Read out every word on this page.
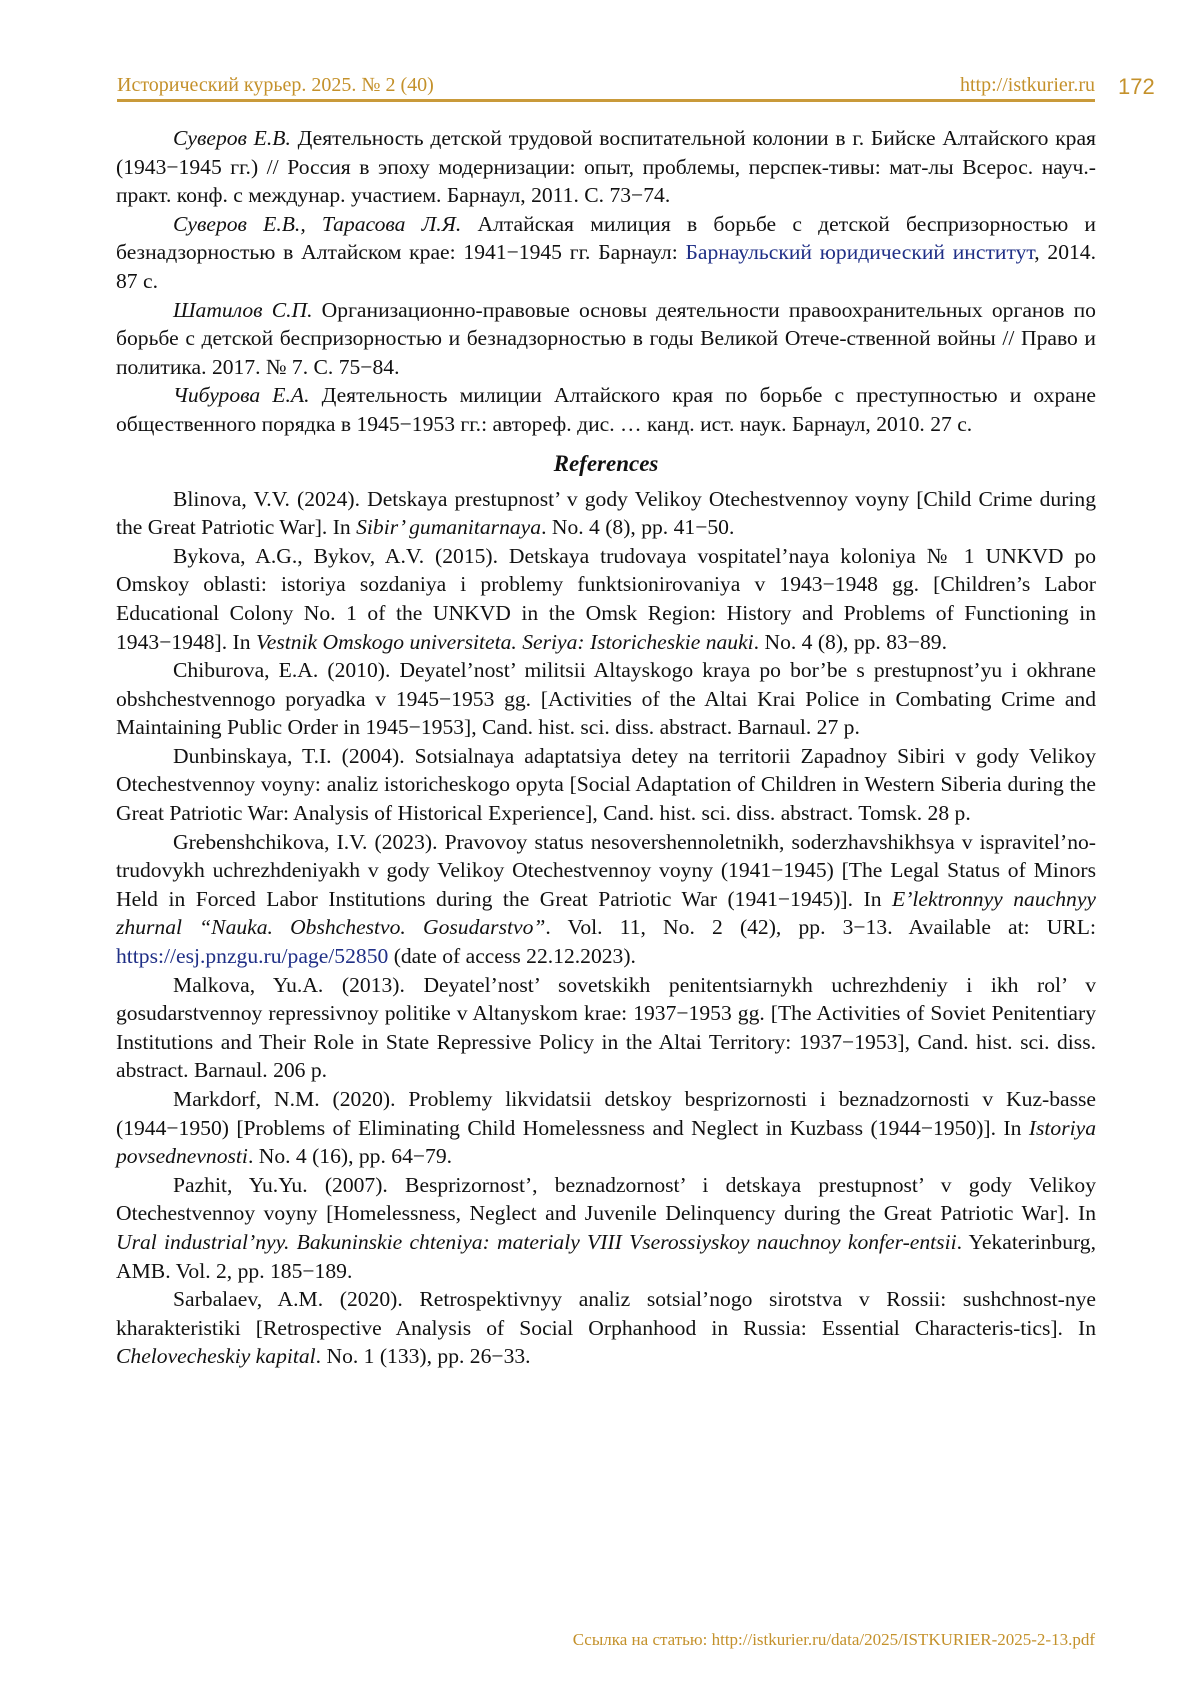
Исторический курьер. 2025. № 2 (40)	http://istkurier.ru 172

Суверов Е.В. Деятельность детской трудовой воспитательной колонии в г. Бийске Алтайского края (1943−1945 гг.) // Россия в эпоху модернизации: опыт, проблемы, перспек-тивы: мат-лы Всерос. науч.-практ. конф. с междунар. участием. Барнаул, 2011. С. 73−74.

Суверов Е.В., Тарасова Л.Я. Алтайская милиция в борьбе с детской беспризорностью и безнадзорностью в Алтайском крае: 1941−1945 гг. Барнаул: Барнаульский юридический институт, 2014. 87 с.

Шатилов С.П. Организационно-правовые основы деятельности правоохранительных органов по борьбе с детской беспризорностью и безнадзорностью в годы Великой Отече-ственной войны // Право и политика. 2017. № 7. С. 75−84.

Чибурова Е.А. Деятельность милиции Алтайского края по борьбе с преступностью и охране общественного порядка в 1945−1953 гг.: автореф. дис. … канд. ист. наук. Барнаул, 2010. 27 с.

References

Blinova, V.V. (2024). Detskaya prestupnost’ v gody Velikoy Otechestvennoy voyny [Child Crime during the Great Patriotic War]. In Sibir’ gumanitarnaya. No. 4 (8), pp. 41−50.

Bykova, A.G., Bykov, A.V. (2015). Detskaya trudovaya vospitatel’naya koloniya № 1 UNKVD po Omskoy oblasti: istoriya sozdaniya i problemy funktsionirovaniya v 1943−1948 gg. [Children’s Labor Educational Colony No. 1 of the UNKVD in the Omsk Region: History and Problems of Functioning in 1943−1948]. In Vestnik Omskogo universiteta. Seriya: Istoricheskie nauki. No. 4 (8), pp. 83−89.

Chiburova, E.A. (2010). Deyatel’nost’ militsii Altayskogo kraya po bor’be s prestupnost’yu i okhrane obshchestvennogo poryadka v 1945−1953 gg. [Activities of the Altai Krai Police in Combating Crime and Maintaining Public Order in 1945−1953], Cand. hist. sci. diss. abstract. Barnaul. 27 p.

Dunbinskaya, T.I. (2004). Sotsialnaya adaptatsiya detey na territorii Zapadnoy Sibiri v gody Velikoy Otechestvennoy voyny: analiz istoricheskogo opyta [Social Adaptation of Children in Western Siberia during the Great Patriotic War: Analysis of Historical Experience], Cand. hist. sci. diss. abstract. Tomsk. 28 p.

Grebenshchikova, I.V. (2023). Pravovoy status nesovershennoletnikh, soderzhavshikhsya v ispravitel’no-trudovykh uchrezhdeniyakh v gody Velikoy Otechestvennoy voyny (1941−1945) [The Legal Status of Minors Held in Forced Labor Institutions during the Great Patriotic War (1941−1945)]. In E’lektronnyy nauchnyy zhurnal “Nauka. Obshchestvo. Gosudarstvo”. Vol. 11, No. 2 (42), pp. 3−13. Available at: URL: https://esj.pnzgu.ru/page/52850 (date of access 22.12.2023).

Malkova, Yu.A. (2013). Deyatel’nost’ sovetskikh penitentsiarnykh uchrezhdeniy i ikh rol’ v gosudarstvennoy repressivnoy politike v Altanyskom krae: 1937−1953 gg. [The Activities of Soviet Penitentiary Institutions and Their Role in State Repressive Policy in the Altai Territory: 1937−1953], Cand. hist. sci. diss. abstract. Barnaul. 206 p.

Markdorf, N.M. (2020). Problemy likvidatsii detskoy besprizornosti i beznadzornosti v Kuz-basse (1944−1950) [Problems of Eliminating Child Homelessness and Neglect in Kuzbass (1944−1950)]. In Istoriya povsednevnosti. No. 4 (16), pp. 64−79.

Pazhit, Yu.Yu. (2007). Besprizornost’, beznadzornost’ i detskaya prestupnost’ v gody Velikoy Otechestvennoy voyny [Homelessness, Neglect and Juvenile Delinquency during the Great Patriotic War]. In Ural industrial’nyy. Bakuninskie chteniya: materialy VIII Vserossiyskoy nauchnoy konfer-entsii. Yekaterinburg, AMB. Vol. 2, pp. 185−189.

Sarbalaev, A.M. (2020). Retrospektivnyy analiz sotsial’nogo sirotstva v Rossii: sushchnost-nye kharakteristiki [Retrospective Analysis of Social Orphanhood in Russia: Essential Characteris-tics]. In Chelovecheskiy kapital. No. 1 (133), pp. 26−33.

Ссылка на статью: http://istkurier.ru/data/2025/ISTKURIER-2025-2-13.pdf
